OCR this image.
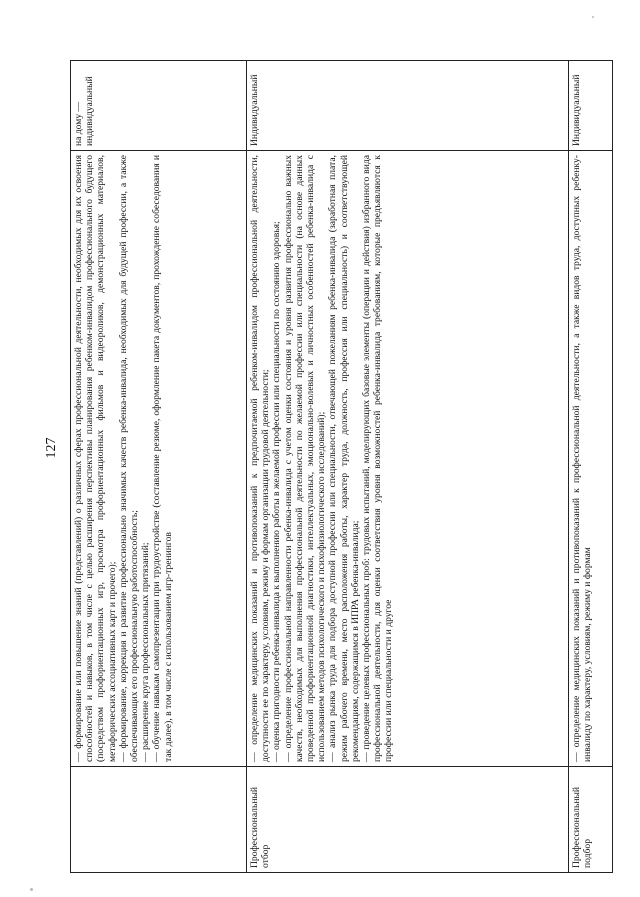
127

	— формирование или повышение знаний (представлений) о различных сферах профессиональной деятельности, необходимых для их освоения способностей и навыков, в том числе с целью расширения перспективы планирования ребенком-инвалидом профессионального будущего (посредством профориентационных игр, просмотра профориентационных фильмов и видеороликов, демонстрационных материалов, метафорических ассоциативных карт и прочего); — формирование, коррекция и развитие профессионально значимых качеств ребенка-инвалида, необходимых для будущей профессии, а также обеспечивающих его профессиональную работоспособность; — расширение круга профессиональных притязаний; — обучение навыкам самопрезентации при трудоустройстве (составление резюме, оформление пакета документов, прохождение собеседования и так далее), в том числе с использованием игр-тренингов	на дому — индивидуальный
Профессиональный отбор	— определение медицинских показаний и противопоказаний к предпочитаемой ребенком-инвалидом профессиональной деятельности, доступности ее по характеру, условиям, режиму и формам организации трудовой деятельности; — оценка пригодности ребенка-инвалида к выполнению работы в желаемой профессии или специальности по состоянию здоровья; — определение профессиональной направленности ребенка-инвалида с учетом оценки состояния и уровня развития профессионально важных качеств, необходимых для выполнения профессиональной деятельности по желаемой профессии или специальности (на основе данных проведенной профориентационной диагностики, интеллектуальных, эмоционально-волевых и личностных особенностей ребенка-инвалида с использованием методов психологического и психофизиологического исследований); — анализ рынка труда для подбора доступной профессии или специальности, отвечающей пожеланиям ребенка-инвалида (заработная плата, режим рабочего времени, место расположения работы, характер труда, должность, профессия или специальность) и соответствующей рекомендациям, содержащимся в ИПРА ребенка-инвалида; — проведение целевых профессиональных проб: трудовых испытаний, моделирующих базовые элементы (операции и действия) избранного вида профессиональной деятельности, для оценки соответствия уровня возможностей ребенка-инвалида требованиям, которые предъявляются к профессии или специальности и другое	Индивидуальный
Профессиональный подбор	— определение медицинских показаний и противопоказаний к профессиональной деятельности, а также видов труда, доступных ребенку-инвалиду по характеру, условиям, режиму и формам	Индивидуальный
